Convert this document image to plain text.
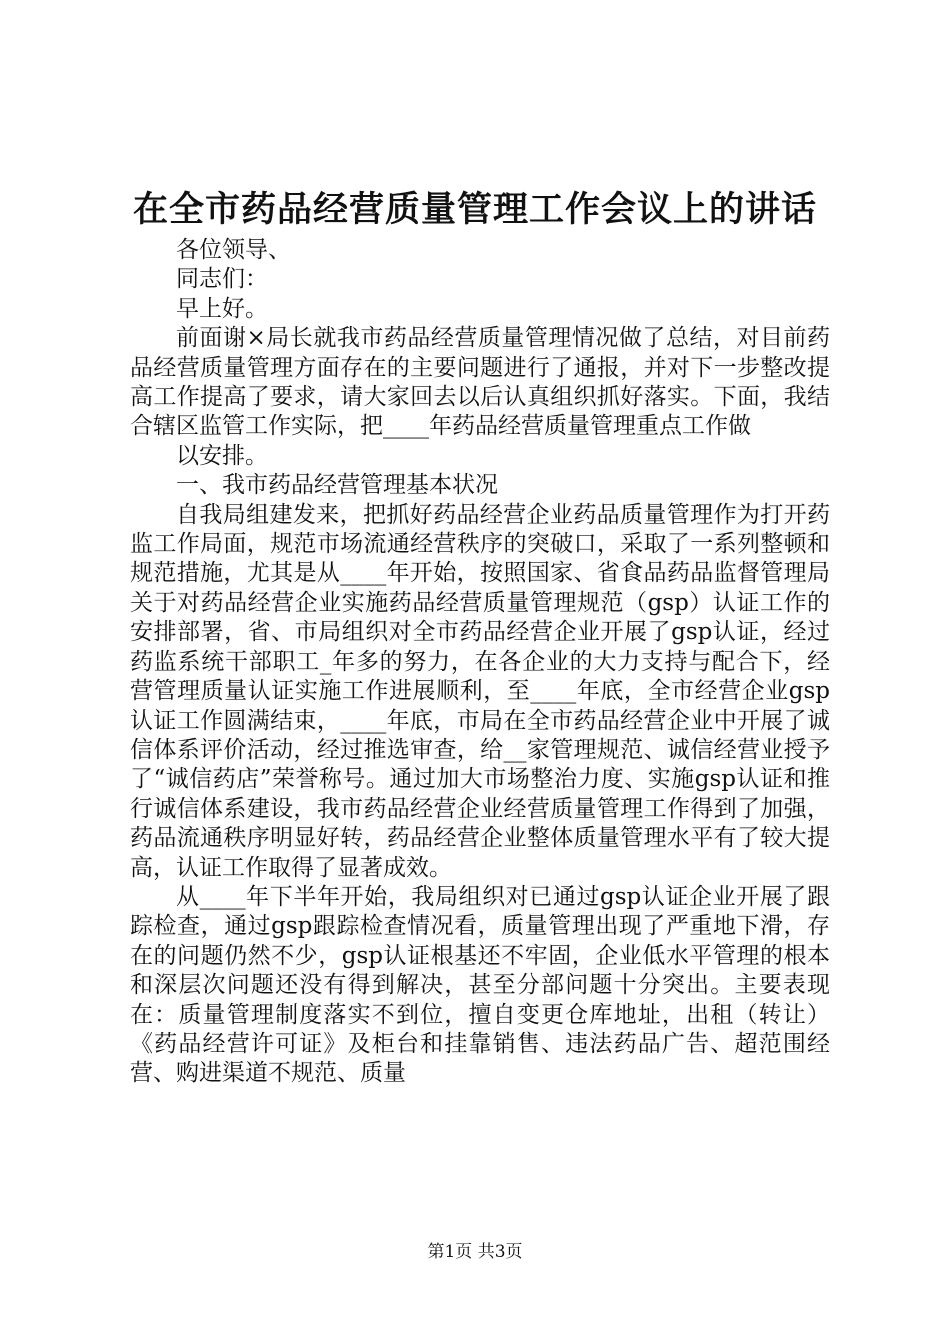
在全市药品经营质量管理工作会议上的讲话

各位领导、

同志们：

早上好。

前面谢×局长就我市药品经营质量管理情况做了总结，对目前药品经营质量管理方面存在的主要问题进行了通报，并对下一步整改提高工作提高了要求，请大家回去以后认真组织抓好落实。下面，我结合辖区监管工作实际，把____年药品经营质量管理重点工作做

以安排。

一、我市药品经营管理基本状况

自我局组建发来，把抓好药品经营企业药品质量管理作为打开药监工作局面，规范市场流通经营秩序的突破口，采取了一系列整顿和规范措施，尤其是从____年开始，按照国家、省食品药品监督管理局关于对药品经营企业实施药品经营质量管理规范（gsp）认证工作的安排部署，省、市局组织对全市药品经营企业开展了gsp认证，经过药监系统干部职工_年多的努力，在各企业的大力支持与配合下，经营管理质量认证实施工作进展顺利，至____年底，全市经营企业gsp认证工作圆满结束，____年底，市局在全市药品经营企业中开展了诚信体系评价活动，经过推选审查，给__家管理规范、诚信经营业授予了“诚信药店”荣誉称号。通过加大市场整治力度、实施gsp认证和推行诚信体系建设，我市药品经营企业经营质量管理工作得到了加强，药品流通秩序明显好转，药品经营企业整体质量管理水平有了较大提高，认证工作取得了显著成效。

从____年下半年开始，我局组织对已通过gsp认证企业开展了跟踪检查，通过gsp跟踪检查情况看，质量管理出现了严重地下滑，存在的问题仍然不少，gsp认证根基还不牢固，企业低水平管理的根本和深层次问题还没有得到解决，甚至分部问题十分突出。主要表现在：质量管理制度落实不到位，擅自变更仓库地址，出租（转让）《药品经营许可证》及柜台和挂靠销售、违法药品广告、超范围经营、购进渠道不规范、质量

第1页 共3页
